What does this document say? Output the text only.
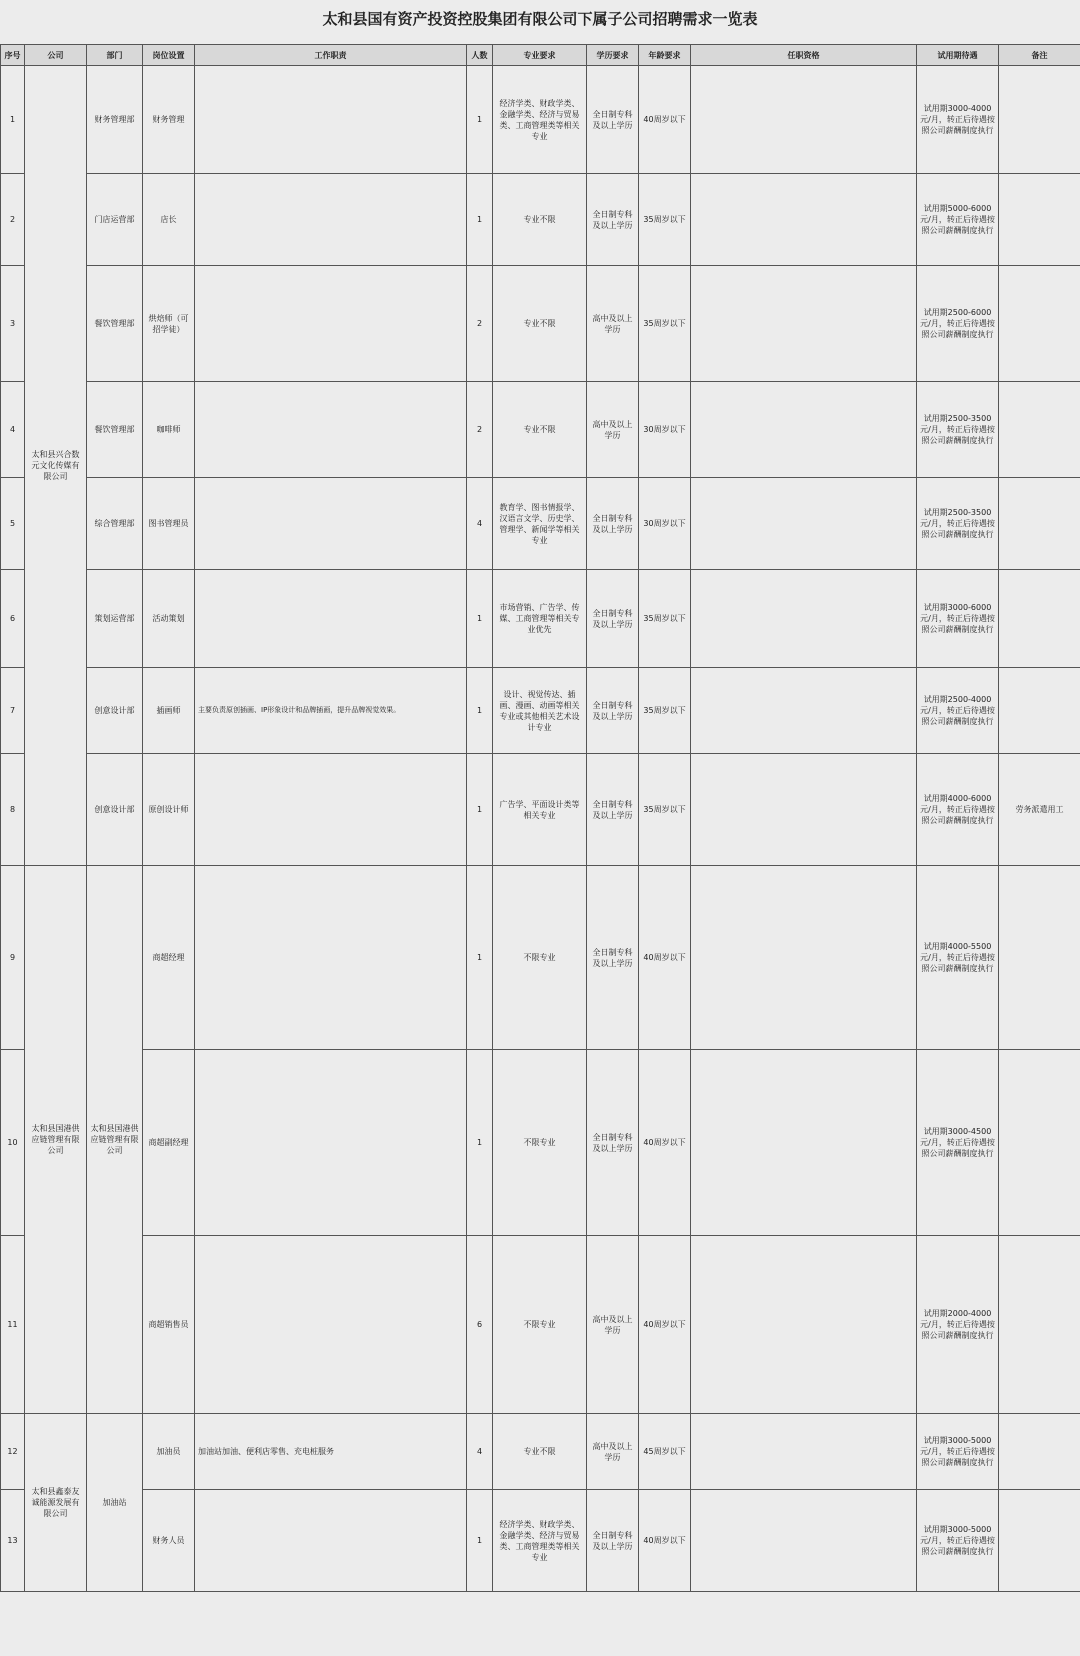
太和县国有资产投资控股集团有限公司下属子公司招聘需求一览表
序号	公司	部门	岗位设置	工作职责	人数	专业要求	学历要求	年龄要求	任职资格	试用期待遇	备注
1	太和县兴合数元文化传媒有限公司	财务管理部	财务管理		1	经济学类、财政学类、金融学类、经济与贸易类、工商管理类等相关专业	全日制专科及以上学历	40周岁以下		试用期3000-4000元/月，转正后待遇按照公司薪酬制度执行	
2		门店运营部	店长		1	专业不限	全日制专科及以上学历	35周岁以下		试用期5000-6000元/月，转正后待遇按照公司薪酬制度执行	
3		餐饮管理部	烘焙师（可招学徒）		2	专业不限	高中及以上学历	35周岁以下		试用期2500-6000元/月，转正后待遇按照公司薪酬制度执行	
4		餐饮管理部	咖啡师		2	专业不限	高中及以上学历	30周岁以下		试用期2500-3500元/月，转正后待遇按照公司薪酬制度执行	
5		综合管理部	图书管理员		4	教育学、图书情报学、汉语言文学、历史学、管理学、新闻学等相关专业	全日制专科及以上学历	30周岁以下		试用期2500-3500元/月，转正后待遇按照公司薪酬制度执行	
6		策划运营部	活动策划		1	市场营销、广告学、传媒、工商管理等相关专业优先	全日制专科及以上学历	35周岁以下		试用期3000-6000元/月，转正后待遇按照公司薪酬制度执行	
7		创意设计部	插画师	主要负责原创插画、IP形象设计和品牌插画，提升品牌视觉效果。	1	设计、视觉传达、插画、漫画、动画等相关专业或其他相关艺术设计专业	全日制专科及以上学历	35周岁以下		试用期2500-4000元/月，转正后待遇按照公司薪酬制度执行	
8		创意设计部	原创设计师		1	广告学、平面设计类等相关专业	全日制专科及以上学历	35周岁以下		试用期4000-6000元/月，转正后待遇按照公司薪酬制度执行	劳务派遣用工
9	太和县国港供应链管理有限公司	太和县国港供应链管理有限公司	商超经理		1	不限专业	全日制专科及以上学历	40周岁以下		试用期4000-5500元/月，转正后待遇按照公司薪酬制度执行	
10			商超副经理		1	不限专业	全日制专科及以上学历	40周岁以下		试用期3000-4500元/月，转正后待遇按照公司薪酬制度执行	
11			商超销售员		6	不限专业	高中及以上学历	40周岁以下		试用期2000-4000元/月，转正后待遇按照公司薪酬制度执行	
12	太和县鑫泰友诚能源发展有限公司	加油站	加油员	加油站加油、便利店零售、充电桩服务	4	专业不限	高中及以上学历	45周岁以下		试用期3000-5000元/月，转正后待遇按照公司薪酬制度执行	
13			财务人员		1	经济学类、财政学类、金融学类、经济与贸易类、工商管理类等相关专业	全日制专科及以上学历	40周岁以下		试用期3000-5000元/月，转正后待遇按照公司薪酬制度执行	
